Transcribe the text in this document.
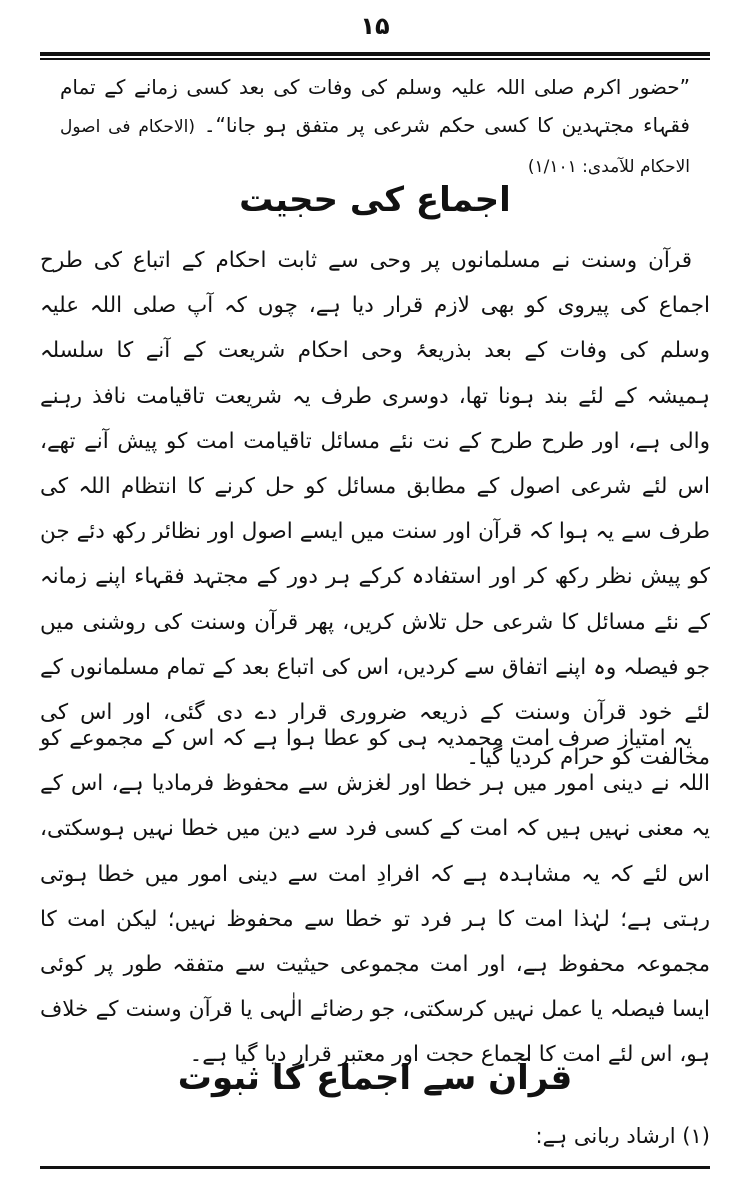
۱۵
”حضور اکرم صلی اللہ علیہ وسلم کی وفات کی بعد کسی زمانے کے تمام فقہاء مجتہدین کا کسی حکم شرعی پر متفق ہو جانا“۔ (الاحکام فی اصول الاحکام للآمدی: ۱/۱۰۱)
اجماع کی حجیت
قرآن وسنت نے مسلمانوں پر وحی سے ثابت احکام کے اتباع کی طرح اجماع کی پیروی کو بھی لازم قرار دیا ہے، چوں کہ آپ صلی اللہ علیہ وسلم کی وفات کے بعد بذریعۂ وحی احکام شریعت کے آنے کا سلسلہ ہمیشہ کے لئے بند ہونا تھا، دوسری طرف یہ شریعت تاقیامت نافذ رہنے والی ہے، اور طرح طرح کے نت نئے مسائل تاقیامت امت کو پیش آنے تھے، اس لئے شرعی اصول کے مطابق مسائل کو حل کرنے کا انتظام اللہ کی طرف سے یہ ہوا کہ قرآن اور سنت میں ایسے اصول اور نظائر رکھ دئے جن کو پیش نظر رکھ کر اور استفادہ کرکے ہر دور کے مجتہد فقہاء اپنے زمانہ کے نئے مسائل کا شرعی حل تلاش کریں، پھر قرآن وسنت کی روشنی میں جو فیصلہ وہ اپنے اتفاق سے کردیں، اس کی اتباع بعد کے تمام مسلمانوں کے لئے خود قرآن وسنت کے ذریعہ ضروری قرار دے دی گئی، اور اس کی مخالفت کو حرام کردیا گیا۔
یہ امتیاز صرف امت محمدیہ ہی کو عطا ہوا ہے کہ اس کے مجموعے کو اللہ نے دینی امور میں ہر خطا اور لغزش سے محفوظ فرمادیا ہے، اس کے یہ معنی نہیں ہیں کہ امت کے کسی فرد سے دین میں خطا نہیں ہوسکتی، اس لئے کہ یہ مشاہدہ ہے کہ افرادِ امت سے دینی امور میں خطا ہوتی رہتی ہے؛ لہٰذا امت کا ہر فرد تو خطا سے محفوظ نہیں؛ لیکن امت کا مجموعہ محفوظ ہے، اور امت مجموعی حیثیت سے متفقہ طور پر کوئی ایسا فیصلہ یا عمل نہیں کرسکتی، جو رضائے الٰہی یا قرآن وسنت کے خلاف ہو، اس لئے امت کا اجماع حجت اور معتبر قرار دیا گیا ہے۔
قرآن سے اجماع کا ثبوت
(۱) ارشاد ربانی ہے:
